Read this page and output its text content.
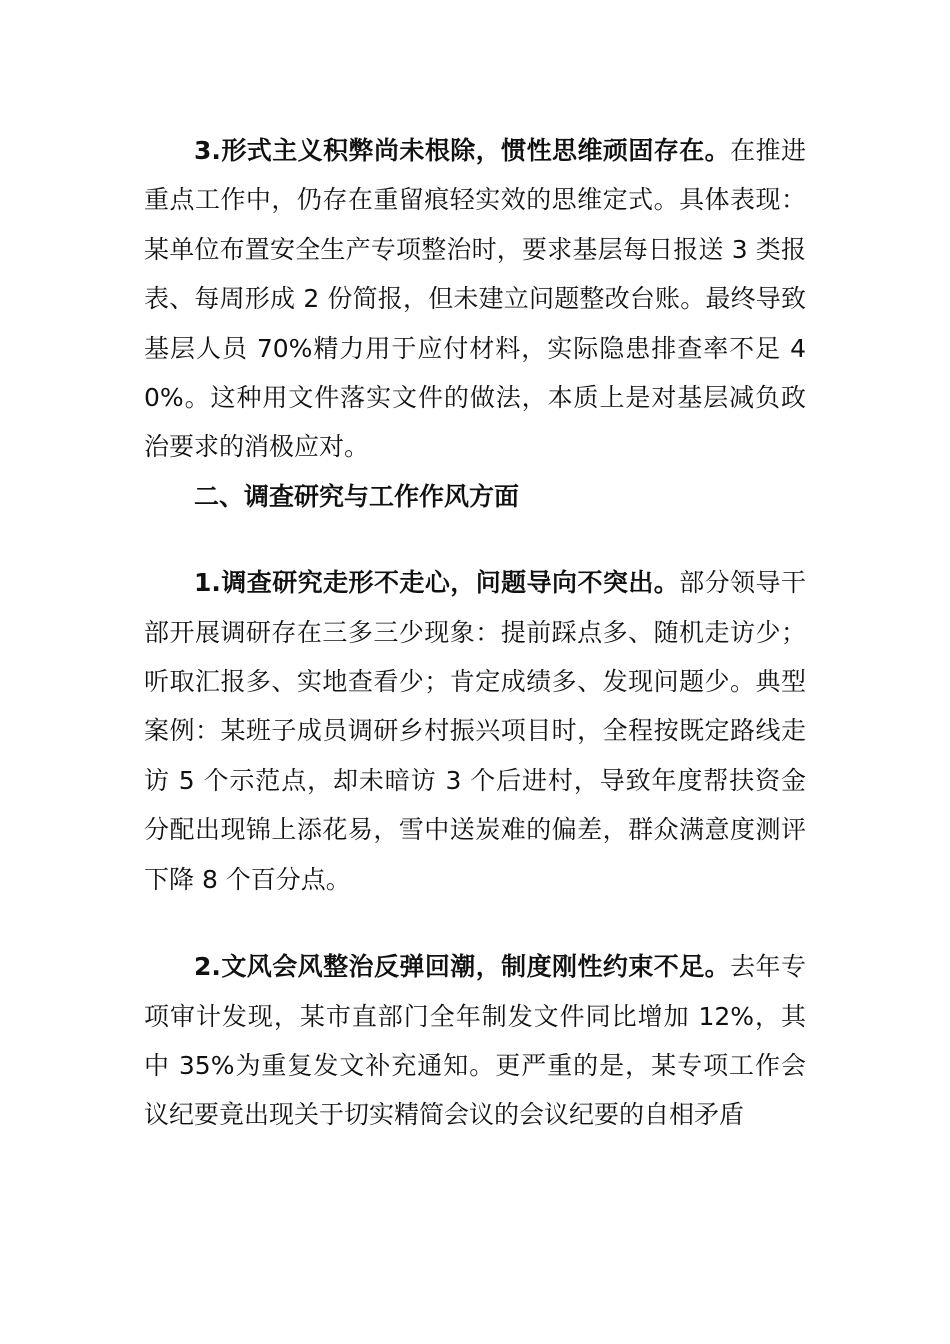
3.形式主义积弊尚未根除，惯性思维顽固存在。在推进重点工作中，仍存在重留痕轻实效的思维定式。具体表现：某单位布置安全生产专项整治时，要求基层每日报送 3 类报表、每周形成 2 份简报，但未建立问题整改台账。最终导致基层人员 70%精力用于应付材料，实际隐患排查率不足 40%。这种用文件落实文件的做法，本质上是对基层减负政治要求的消极应对。

二、调查研究与工作作风方面

1.调查研究走形不走心，问题导向不突出。部分领导干部开展调研存在三多三少现象：提前踩点多、随机走访少；听取汇报多、实地查看少；肯定成绩多、发现问题少。典型案例：某班子成员调研乡村振兴项目时，全程按既定路线走访 5 个示范点，却未暗访 3 个后进村，导致年度帮扶资金分配出现锦上添花易，雪中送炭难的偏差，群众满意度测评下降 8 个百分点。

2.文风会风整治反弹回潮，制度刚性约束不足。去年专项审计发现，某市直部门全年制发文件同比增加 12%，其中 35%为重复发文补充通知。更严重的是，某专项工作会议纪要竟出现关于切实精简会议的会议纪要的自相矛盾
